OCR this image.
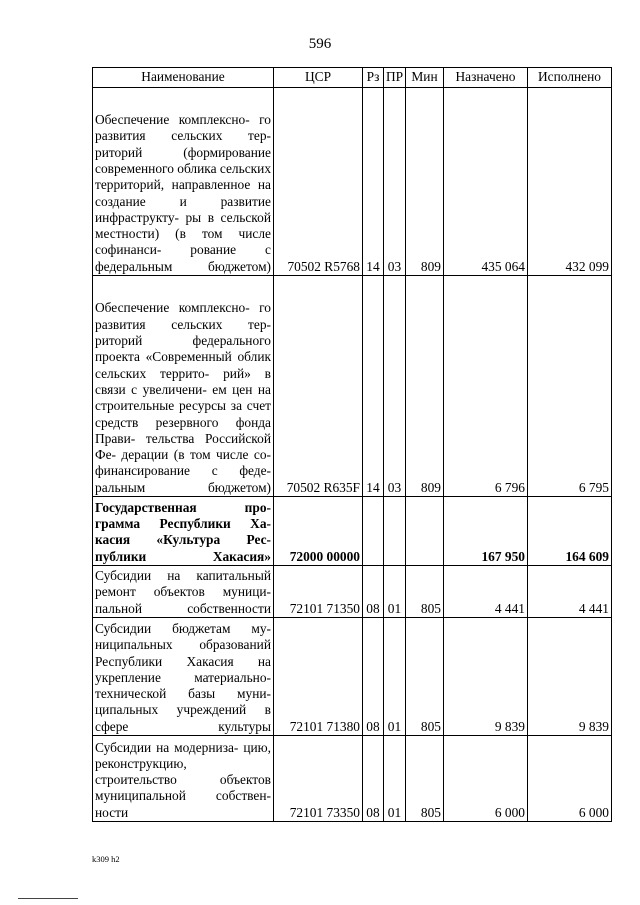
596
Наименование	ЦСР	Рз	ПР	Мин	Назначено	Исполнено
Обеспечение комплексно- го развития сельских тер- риторий (формирование современного облика сельских территорий, направленное на создание и развитие инфраструкту- ры в сельской местности) (в том числе софинанси- рование с федеральным бюджетом)	70502 R5768	14	03	809	435 064	432 099
Обеспечение комплексно- го развития сельских тер- риторий федерального проекта «Современный облик сельских террито- рий» в связи с увеличени- ем цен на строительные ресурсы за счет средств резервного фонда Прави- тельства Российской Фе- дерации (в том числе со- финансирование с феде- ральным бюджетом)	70502 R635F	14	03	809	6 796	6 795
Государственная про- грамма Республики Ха- касия «Культура Рес- публики Хакасия»	72000 00000				167 950	164 609
Субсидии на капитальный ремонт объектов муници- пальной собственности	72101 71350	08	01	805	4 441	4 441
Субсидии бюджетам му- ниципальных образований Республики Хакасия на укрепление материально- технической базы муни- ципальных учреждений в сфере культуры	72101 71380	08	01	805	9 839	9 839
Субсидии на модерниза- цию, реконструкцию, строительство объектов муниципальной собствен- ности	72101 73350	08	01	805	6 000	6 000
k309 h2
